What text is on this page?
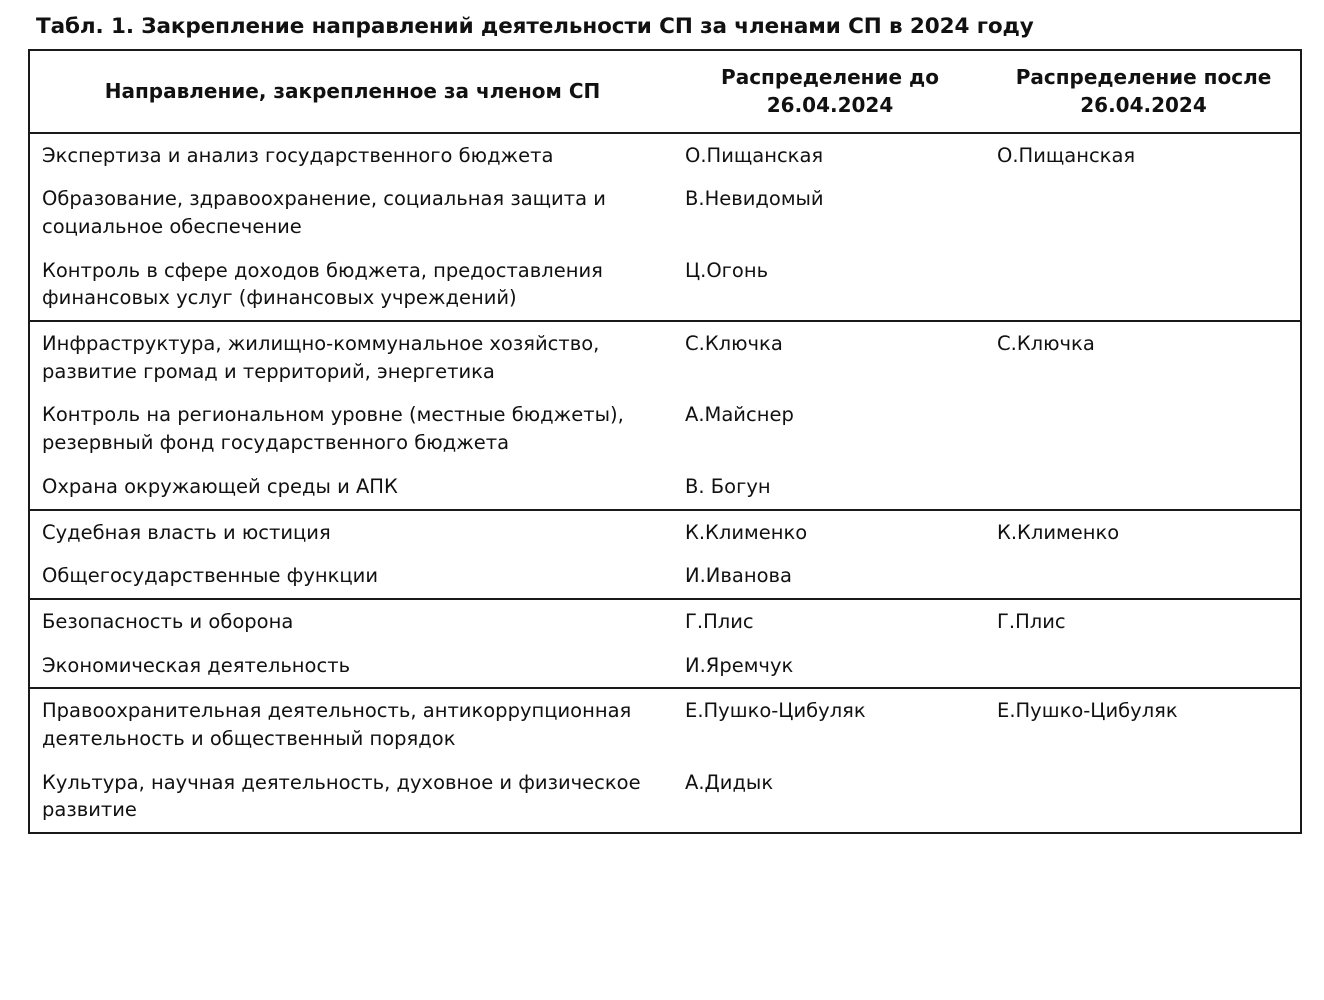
Табл. 1. Закрепление направлений деятельности СП за членами СП в 2024 году
Направление, закрепленное за членом СП	Распределение до 26.04.2024	Распределение после 26.04.2024
Экспертиза и анализ государственного бюджета	О.Пищанская	О.Пищанская
Образование, здравоохранение, социальная защита и социальное обеспечение	В.Невидомый	
Контроль в сфере доходов бюджета, предоставления финансовых услуг (финансовых учреждений)	Ц.Огонь	
Инфраструктура, жилищно-коммунальное хозяйство, развитие громад и территорий, энергетика	С.Ключка	С.Ключка
Контроль на региональном уровне (местные бюджеты), резервный фонд государственного бюджета	А.Майснер	
Охрана окружающей среды и АПК	В. Богун	
Судебная власть и юстиция	К.Клименко	К.Клименко
Общегосударственные функции	И.Иванова	
Безопасность и оборона	Г.Плис	Г.Плис
Экономическая деятельность	И.Яремчук	
Правоохранительная деятельность, антикоррупционная деятельность и общественный порядок	Е.Пушко-Цибуляк	Е.Пушко-Цибуляк
Культура, научная деятельность, духовное и физическое развитие	А.Дидык	
